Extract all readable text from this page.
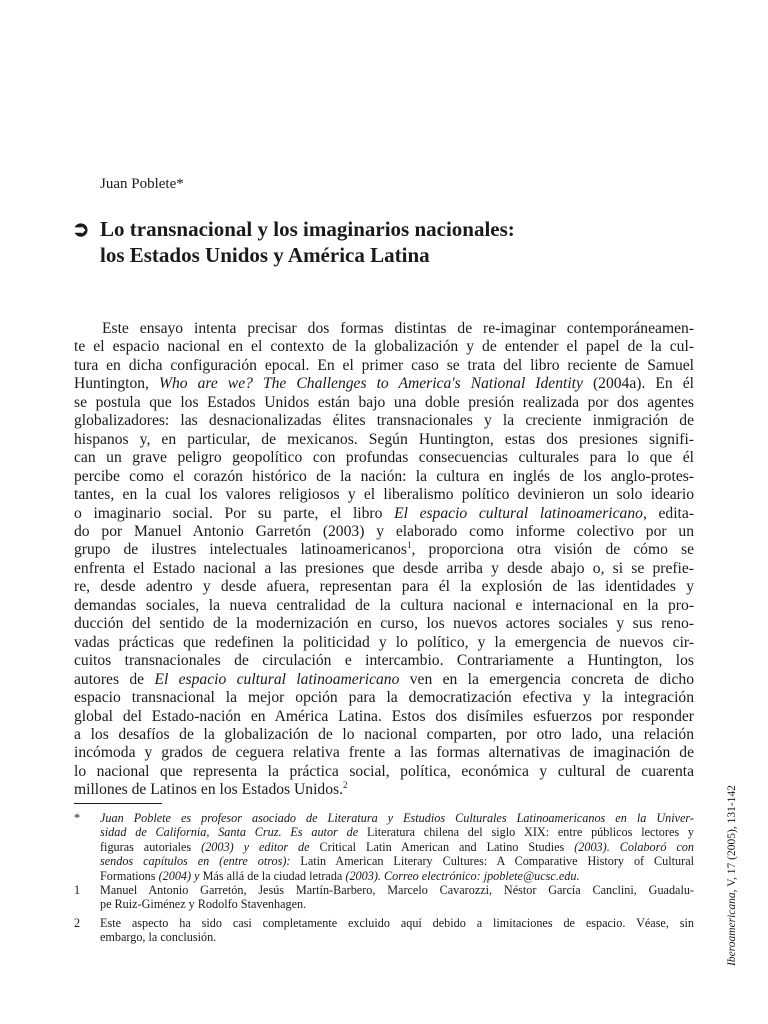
Juan Poblete*
➲ Lo transnacional y los imaginarios nacionales:
los Estados Unidos y América Latina
Este ensayo intenta precisar dos formas distintas de re-imaginar contemporáneamen-
te el espacio nacional en el contexto de la globalización y de entender el papel de la cul-
tura en dicha configuración epocal. En el primer caso se trata del libro reciente de Samuel
Huntington, Who are we? The Challenges to America's National Identity (2004a). En él
se postula que los Estados Unidos están bajo una doble presión realizada por dos agentes
globalizadores: las desnacionalizadas élites transnacionales y la creciente inmigración de
hispanos y, en particular, de mexicanos. Según Huntington, estas dos presiones signifi-
can un grave peligro geopolítico con profundas consecuencias culturales para lo que él
percibe como el corazón histórico de la nación: la cultura en inglés de los anglo-protes-
tantes, en la cual los valores religiosos y el liberalismo político devinieron un solo ideario
o imaginario social. Por su parte, el libro El espacio cultural latinoamericano, edita-
do por Manuel Antonio Garretón (2003) y elaborado como informe colectivo por un
grupo de ilustres intelectuales latinoamericanos$^1$, proporciona otra visión de cómo se
enfrenta el Estado nacional a las presiones que desde arriba y desde abajo o, si se prefie-
re, desde adentro y desde afuera, representan para él la explosión de las identidades y
demandas sociales, la nueva centralidad de la cultura nacional e internacional en la pro-
ducción del sentido de la modernización en curso, los nuevos actores sociales y sus reno-
vadas prácticas que redefinen la politicidad y lo político, y la emergencia de nuevos cir-
cuitos transnacionales de circulación e intercambio. Contrariamente a Huntington, los
autores de El espacio cultural latinoamericano ven en la emergencia concreta de dicho
espacio transnacional la mejor opción para la democratización efectiva y la integración
global del Estado-nación en América Latina. Estos dos disímiles esfuerzos por responder
a los desafíos de la globalización de lo nacional comparten, por otro lado, una relación
incómoda y grados de ceguera relativa frente a las formas alternativas de imaginación de
lo nacional que representa la práctica social, política, económica y cultural de cuarenta
millones de Latinos en los Estados Unidos.$^2$
* Juan Poblete es profesor asociado de Literatura y Estudios Culturales Latinoamericanos en la Univer-
sidad de California, Santa Cruz. Es autor de Literatura chilena del siglo XIX: entre públicos lectores y
figuras autoriales (2003) y editor de Critical Latin American and Latino Studies (2003). Colaboró con
sendos capítulos en (entre otros): Latin American Literary Cultures: A Comparative History of Cultural
Formations (2004) y Más allá de la ciudad letrada (2003). Correo electrónico: jpoblete@ucsc.edu.
1 Manuel Antonio Garretón, Jesús Martín-Barbero, Marcelo Cavarozzi, Néstor García Canclini, Guadalu-
pe Ruiz-Giménez y Rodolfo Stavenhagen.
2 Este aspecto ha sido casi completamente excluido aquí debido a limitaciones de espacio. Véase, sin
embargo, la conclusión.	Iberoamericana, V, 17 (2005), 131-142
